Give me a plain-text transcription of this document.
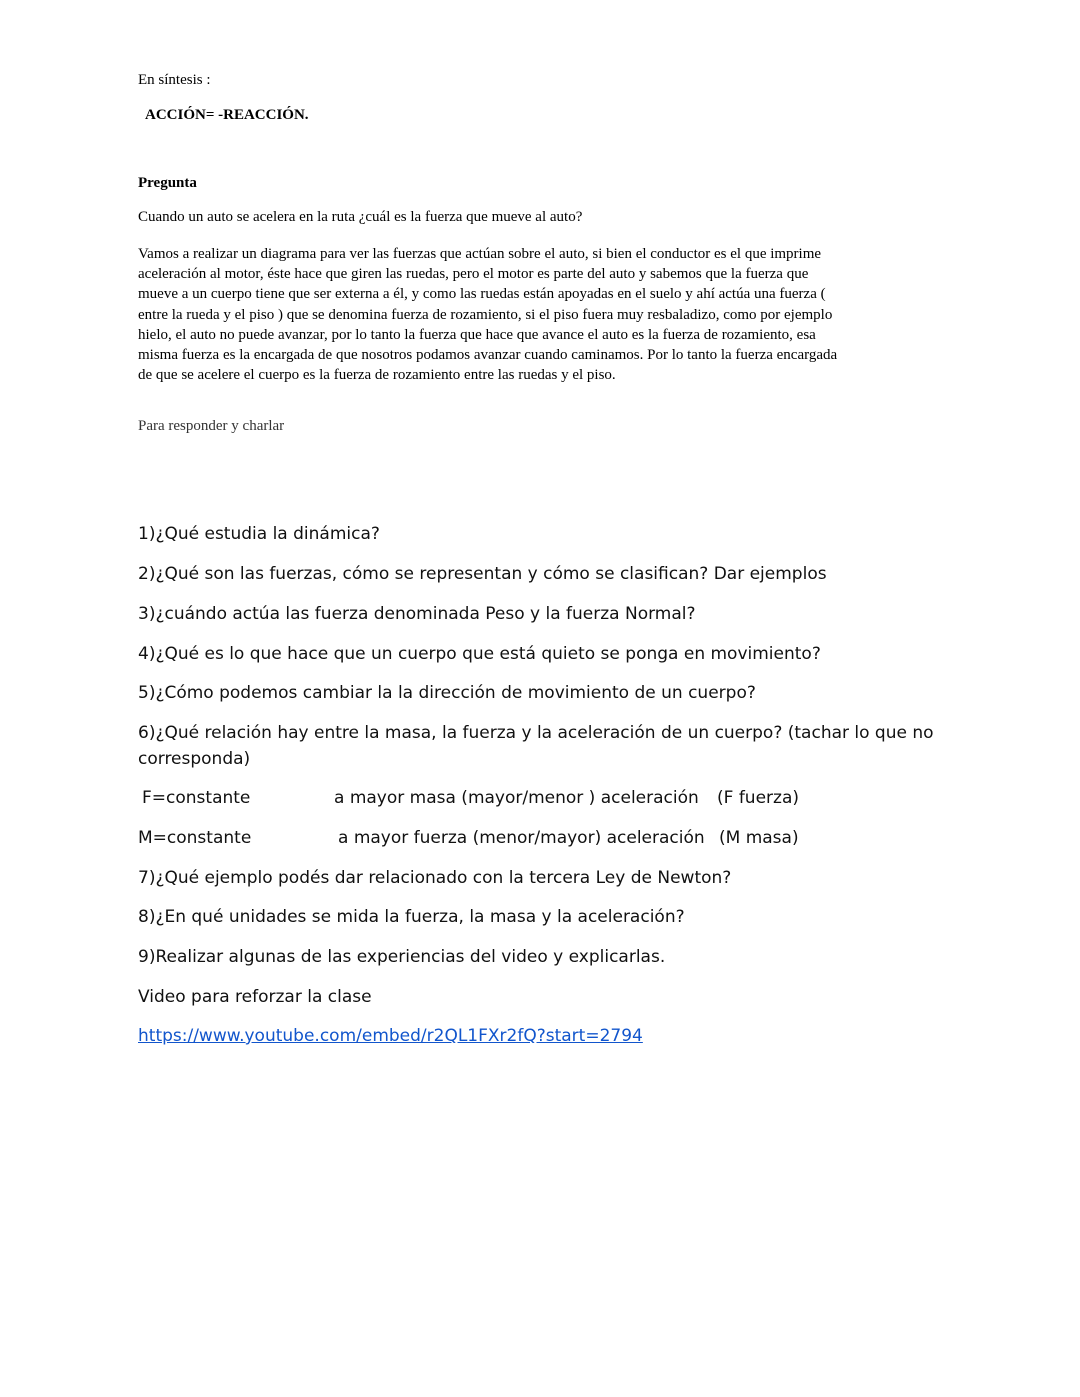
En síntesis :
ACCIÓN= -REACCIÓN.
Pregunta
Cuando un auto se acelera en la ruta ¿cuál es la fuerza que mueve al auto?
Vamos a realizar un diagrama para ver las fuerzas que actúan sobre el auto, si bien el conductor es el que imprime
aceleración al motor, éste hace que giren las ruedas, pero el motor es parte del auto y sabemos que la fuerza que
mueve a un cuerpo tiene que ser externa a él, y como las ruedas están apoyadas en el suelo y ahí actúa una fuerza (
entre la rueda y el piso ) que se denomina fuerza de rozamiento, si el piso fuera muy resbaladizo, como por ejemplo
hielo, el auto no puede avanzar, por lo tanto la fuerza que hace que avance el auto es la fuerza de rozamiento, esa
misma fuerza es la encargada de que nosotros podamos avanzar cuando caminamos. Por lo tanto la fuerza encargada
de que se acelere el cuerpo es la fuerza de rozamiento entre las ruedas y el piso.
Para responder y charlar
1)¿Qué estudia la dinámica?
2)¿Qué son las fuerzas, cómo se representan y cómo se clasifican? Dar ejemplos
3)¿cuándo actúa las fuerza denominada Peso y la fuerza Normal?
4)¿Qué es lo que hace que un cuerpo que está quieto se ponga en movimiento?
5)¿Cómo podemos cambiar la la dirección de movimiento de un cuerpo?
6)¿Qué relación hay entre la masa, la fuerza y la aceleración de un cuerpo? (tachar lo que no
corresponda)
F=constante	a mayor masa (mayor/menor ) aceleración (F fuerza)
M=constante	a mayor fuerza (menor/mayor) aceleración (M masa)
7)¿Qué ejemplo podés dar relacionado con la tercera Ley de Newton?
8)¿En qué unidades se mida la fuerza, la masa y la aceleración?
9)Realizar algunas de las experiencias del video y explicarlas.
Video para reforzar la clase
https://www.youtube.com/embed/r2QL1FXr2fQ?start=2794
